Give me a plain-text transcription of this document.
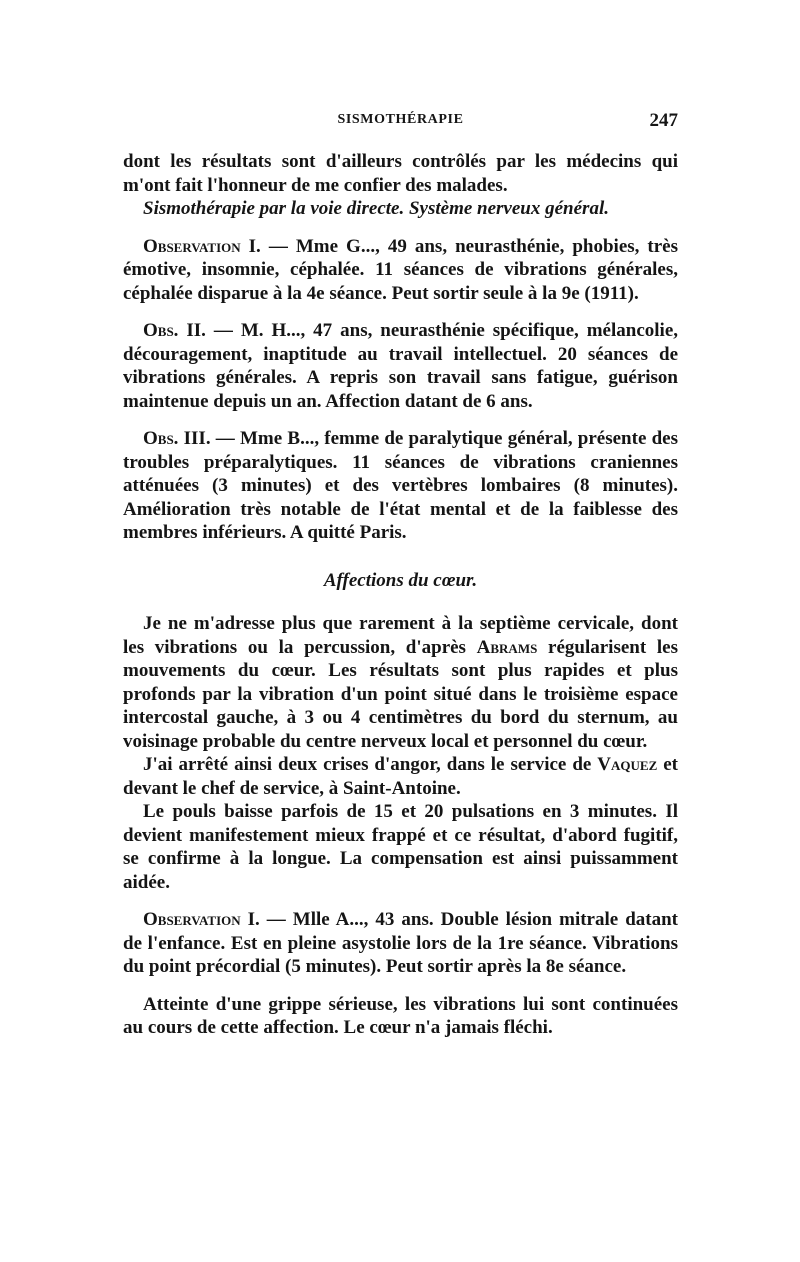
SISMOTHÉRAPIE	247

dont les résultats sont d'ailleurs contrôlés par les médecins qui m'ont fait l'honneur de me confier des malades.

Sismothérapie par la voie directe. Système nerveux général.

Observation I. — Mme G..., 49 ans, neurasthénie, phobies, très émotive, insomnie, céphalée. 11 séances de vibrations générales, céphalée disparue à la 4e séance. Peut sortir seule à la 9e (1911).

Obs. II. — M. H..., 47 ans, neurasthénie spécifique, mélancolie, découragement, inaptitude au travail intellectuel. 20 séances de vibrations générales. A repris son travail sans fatigue, guérison maintenue depuis un an. Affection datant de 6 ans.

Obs. III. — Mme B..., femme de paralytique général, présente des troubles préparalytiques. 11 séances de vibrations craniennes atténuées (3 minutes) et des vertèbres lombaires (8 minutes). Amélioration très notable de l'état mental et de la faiblesse des membres inférieurs. A quitté Paris.

Affections du cœur.

Je ne m'adresse plus que rarement à la septième cervicale, dont les vibrations ou la percussion, d'après Abrams régularisent les mouvements du cœur. Les résultats sont plus rapides et plus profonds par la vibration d'un point situé dans le troisième espace intercostal gauche, à 3 ou 4 centimètres du bord du sternum, au voisinage probable du centre nerveux local et personnel du cœur.

J'ai arrêté ainsi deux crises d'angor, dans le service de Vaquez et devant le chef de service, à Saint-Antoine.

Le pouls baisse parfois de 15 et 20 pulsations en 3 minutes. Il devient manifestement mieux frappé et ce résultat, d'abord fugitif, se confirme à la longue. La compensation est ainsi puissamment aidée.

Observation I. — Mlle A..., 43 ans. Double lésion mitrale datant de l'enfance. Est en pleine asystolie lors de la 1re séance. Vibrations du point précordial (5 minutes). Peut sortir après la 8e séance.

Atteinte d'une grippe sérieuse, les vibrations lui sont continuées au cours de cette affection. Le cœur n'a jamais fléchi.
